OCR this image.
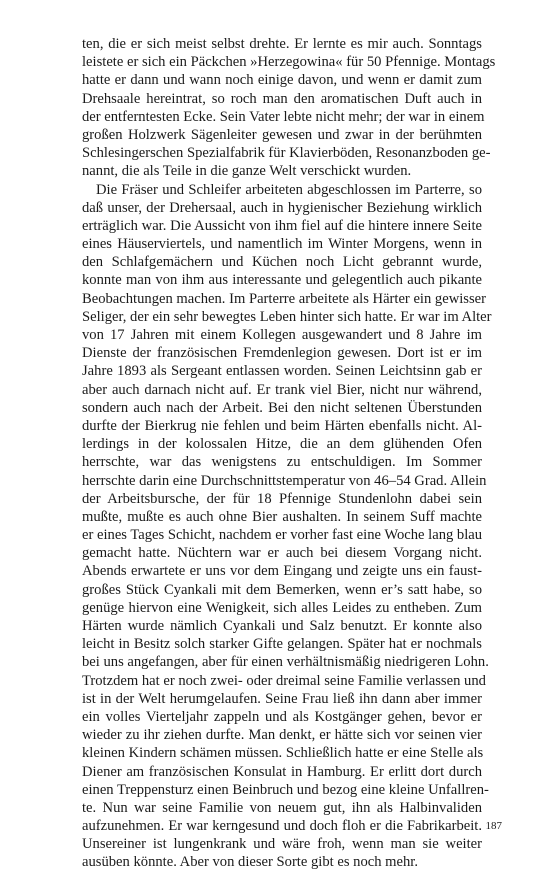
ten, die er sich meist selbst drehte. Er lernte es mir auch. Sonntags
leistete er sich ein Päckchen »Herzegowina« für 50 Pfennige. Montags
hatte er dann und wann noch einige davon, und wenn er damit zum
Drehsaale hereintrat, so roch man den aromatischen Duft auch in
der entferntesten Ecke. Sein Vater lebte nicht mehr; der war in einem
großen Holzwerk Sägenleiter gewesen und zwar in der berühmten
Schlesingerschen Spezialfabrik für Klavierböden, Resonanzboden ge-
nannt, die als Teile in die ganze Welt verschickt wurden.
Die Fräser und Schleifer arbeiteten abgeschlossen im Parterre, so
daß unser, der Drehersaal, auch in hygienischer Beziehung wirklich
erträglich war. Die Aussicht von ihm fiel auf die hintere innere Seite
eines Häuserviertels, und namentlich im Winter Morgens, wenn in
den Schlafgemächern und Küchen noch Licht gebrannt wurde,
konnte man von ihm aus interessante und gelegentlich auch pikante
Beobachtungen machen. Im Parterre arbeitete als Härter ein gewisser
Seliger, der ein sehr bewegtes Leben hinter sich hatte. Er war im Alter
von 17 Jahren mit einem Kollegen ausgewandert und 8 Jahre im
Dienste der französischen Fremdenlegion gewesen. Dort ist er im
Jahre 1893 als Sergeant entlassen worden. Seinen Leichtsinn gab er
aber auch darnach nicht auf. Er trank viel Bier, nicht nur während,
sondern auch nach der Arbeit. Bei den nicht seltenen Überstunden
durfte der Bierkrug nie fehlen und beim Härten ebenfalls nicht. Al-
lerdings in der kolossalen Hitze, die an dem glühenden Ofen
herrschte, war das wenigstens zu entschuldigen. Im Sommer
herrschte darin eine Durchschnittstemperatur von 46–54 Grad. Allein
der Arbeitsbursche, der für 18 Pfennige Stundenlohn dabei sein
mußte, mußte es auch ohne Bier aushalten. In seinem Suff machte
er eines Tages Schicht, nachdem er vorher fast eine Woche lang blau
gemacht hatte. Nüchtern war er auch bei diesem Vorgang nicht.
Abends erwartete er uns vor dem Eingang und zeigte uns ein faust-
großes Stück Cyankali mit dem Bemerken, wenn er’s satt habe, so
genüge hiervon eine Wenigkeit, sich alles Leides zu entheben. Zum
Härten wurde nämlich Cyankali und Salz benutzt. Er konnte also
leicht in Besitz solch starker Gifte gelangen. Später hat er nochmals
bei uns angefangen, aber für einen verhältnismäßig niedrigeren Lohn.
Trotzdem hat er noch zwei- oder dreimal seine Familie verlassen und
ist in der Welt herumgelaufen. Seine Frau ließ ihn dann aber immer
ein volles Vierteljahr zappeln und als Kostgänger gehen, bevor er
wieder zu ihr ziehen durfte. Man denkt, er hätte sich vor seinen vier
kleinen Kindern schämen müssen. Schließlich hatte er eine Stelle als
Diener am französischen Konsulat in Hamburg. Er erlitt dort durch
einen Treppensturz einen Beinbruch und bezog eine kleine Unfallren-
te. Nun war seine Familie von neuem gut, ihn als Halbinvaliden
aufzunehmen. Er war kerngesund und doch floh er die Fabrikarbeit.
Unsereiner ist lungenkrank und wäre froh, wenn man sie weiter
ausüben könnte. Aber von dieser Sorte gibt es noch mehr.
187
